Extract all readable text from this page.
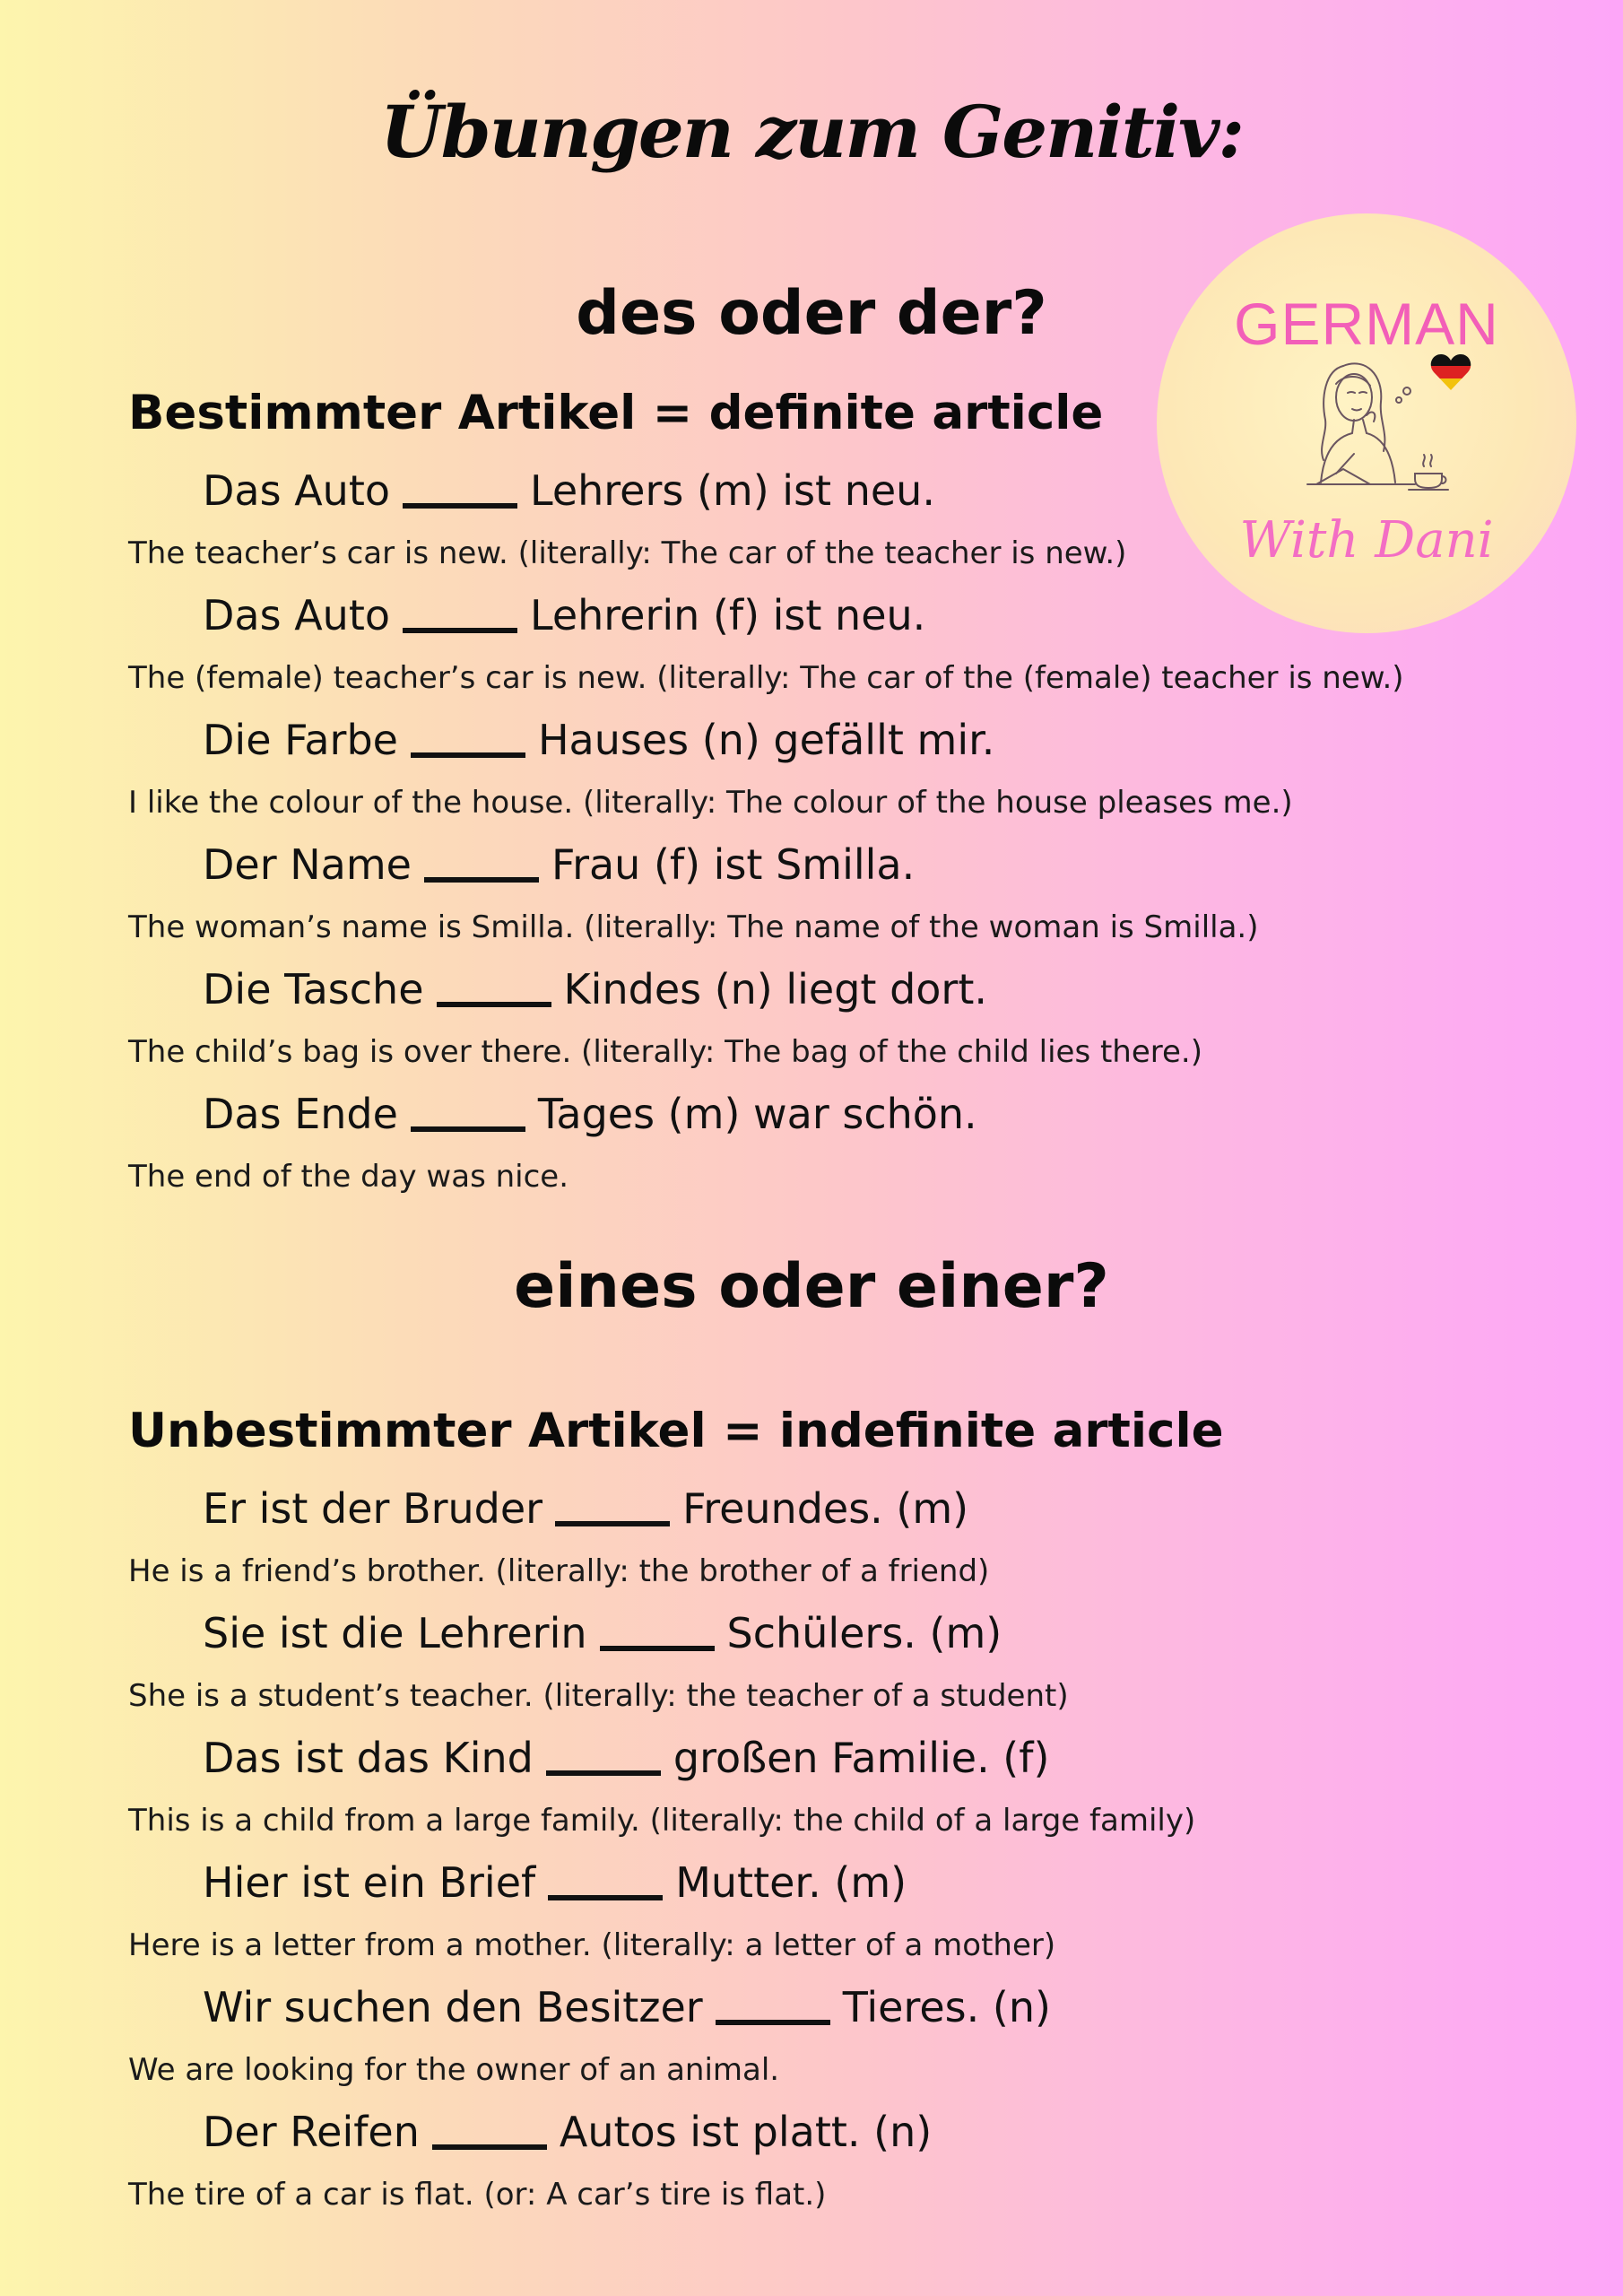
Übungen zum Genitiv:
GERMAN
With Dani
des oder der?
Bestimmter Artikel = definite article
Das Auto	Lehrers (m) ist neu.
The teacher’s car is new. (literally: The car of the teacher is new.)
Das Auto	Lehrerin (f) ist neu.
The (female) teacher’s car is new. (literally: The car of the (female) teacher is new.)
Die Farbe	Hauses (n) gefällt mir.
I like the colour of the house. (literally: The colour of the house pleases me.)
Der Name	Frau (f) ist Smilla.
The woman’s name is Smilla. (literally: The name of the woman is Smilla.)
Die Tasche	Kindes (n) liegt dort.
The child’s bag is over there. (literally: The bag of the child lies there.)
Das Ende	Tages (m) war schön.
The end of the day was nice.
eines oder einer?
Unbestimmter Artikel = indefinite article
Er ist der Bruder	Freundes. (m)
He is a friend’s brother. (literally: the brother of a friend)
Sie ist die Lehrerin	Schülers. (m)
She is a student’s teacher. (literally: the teacher of a student)
Das ist das Kind	großen Familie. (f)
This is a child from a large family. (literally: the child of a large family)
Hier ist ein Brief	Mutter. (m)
Here is a letter from a mother. (literally: a letter of a mother)
Wir suchen den Besitzer	Tieres. (n)
We are looking for the owner of an animal.
Der Reifen	Autos ist platt. (n)
The tire of a car is flat. (or: A car’s tire is flat.)
